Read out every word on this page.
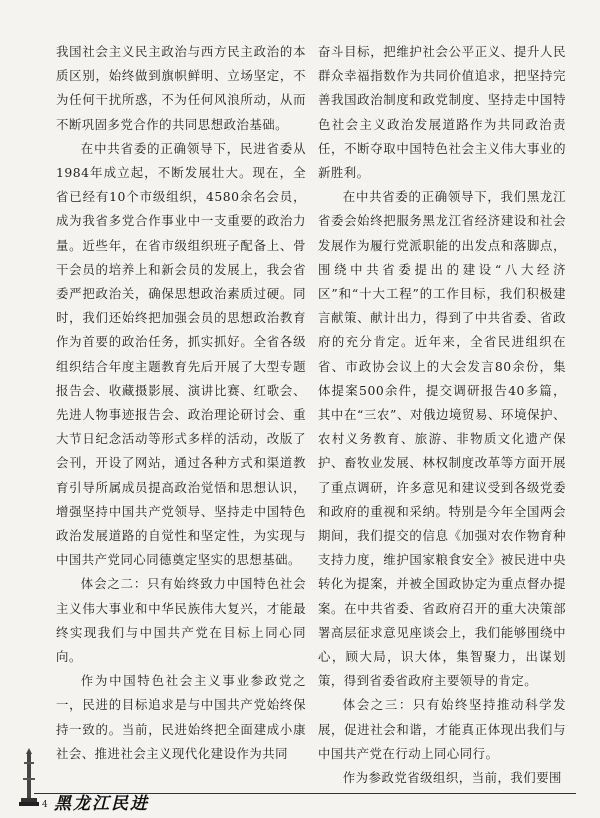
我国社会主义民主政治与西方民主政治的本质区别，始终做到旗帜鲜明、立场坚定，不为任何干扰所惑，不为任何风浪所动，从而不断巩固多党合作的共同思想政治基础。

在中共省委的正确领导下，民进省委从1984年成立起，不断发展壮大。现在，全省已经有10个市级组织，4580余名会员，成为我省多党合作事业中一支重要的政治力量。近些年，在省市级组织班子配备上、骨干会员的培养上和新会员的发展上，我会省委严把政治关，确保思想政治素质过硬。同时，我们还始终把加强会员的思想政治教育作为首要的政治任务，抓实抓好。全省各级组织结合年度主题教育先后开展了大型专题报告会、收藏摄影展、演讲比赛、红歌会、先进人物事迹报告会、政治理论研讨会、重大节日纪念活动等形式多样的活动，改版了会刊，开设了网站，通过各种方式和渠道教育引导所属成员提高政治觉悟和思想认识，增强坚持中国共产党领导、坚持走中国特色政治发展道路的自觉性和坚定性，为实现与中国共产党同心同德奠定坚实的思想基础。

体会之二：只有始终致力中国特色社会主义伟大事业和中华民族伟大复兴，才能最终实现我们与中国共产党在目标上同心同向。

作为中国特色社会主义事业参政党之一，民进的目标追求是与中国共产党始终保持一致的。当前，民进始终把全面建成小康社会、推进社会主义现代化建设作为共同

奋斗目标，把维护社会公平正义、提升人民群众幸福指数作为共同价值追求，把坚持完善我国政治制度和政党制度、坚持走中国特色社会主义政治发展道路作为共同政治责任，不断夺取中国特色社会主义伟大事业的新胜利。

在中共省委的正确领导下，我们黑龙江省委会始终把服务黑龙江省经济建设和社会发展作为履行党派职能的出发点和落脚点，围绕中共省委提出的建设“八大经济区”和“十大工程”的工作目标，我们积极建言献策、献计出力，得到了中共省委、省政府的充分肯定。近年来，全省民进组织在省、市政协会议上的大会发言80余份，集体提案500余件，提交调研报告40多篇，其中在“三农”、对俄边境贸易、环境保护、农村义务教育、旅游、非物质文化遗产保护、畜牧业发展、林权制度改革等方面开展了重点调研，许多意见和建议受到各级党委和政府的重视和采纳。特别是今年全国两会期间，我们提交的信息《加强对农作物育种支持力度，维护国家粮食安全》被民进中央转化为提案，并被全国政协定为重点督办提案。在中共省委、省政府召开的重大决策部署高层征求意见座谈会上，我们能够围绕中心，顾大局，识大体，集智聚力，出谋划策，得到省委省政府主要领导的肯定。

体会之三：只有始终坚持推动科学发展，促进社会和谐，才能真正体现出我们与中国共产党在行动上同心同行。

作为参政党省级组织，当前，我们要围

4 黑龙江民进
